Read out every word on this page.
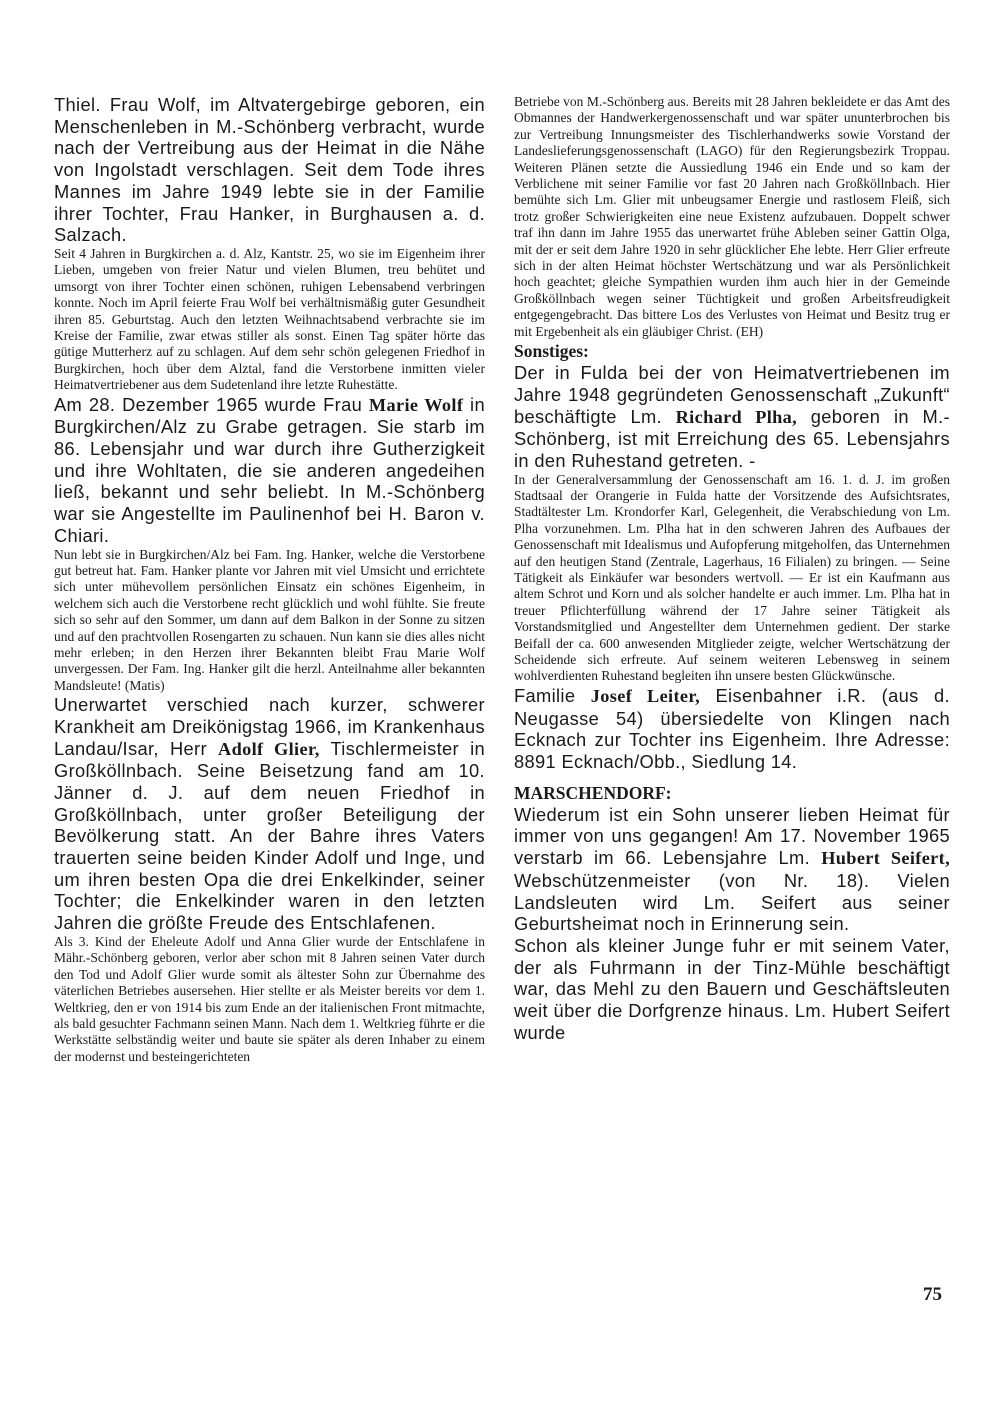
Thiel. Frau Wolf, im Altvatergebirge geboren, ein Menschenleben in M.-Schönberg verbracht, wurde nach der Vertreibung aus der Heimat in die Nähe von Ingolstadt verschlagen. Seit dem Tode ihres Mannes im Jahre 1949 lebte sie in der Familie ihrer Tochter, Frau Hanker, in Burghausen a. d. Salzach.

Seit 4 Jahren in Burgkirchen a. d. Alz, Kantstr. 25, wo sie im Eigenheim ihrer Lieben, umgeben von freier Natur und vielen Blumen, treu behütet und umsorgt von ihrer Tochter einen schönen, ruhigen Lebensabend verbringen konnte. Noch im April feierte Frau Wolf bei verhältnismäßig guter Gesundheit ihren 85. Geburtstag. Auch den letzten Weihnachtsabend verbrachte sie im Kreise der Familie, zwar etwas stiller als sonst. Einen Tag später hörte das gütige Mutterherz auf zu schlagen. Auf dem sehr schön gelegenen Friedhof in Burgkirchen, hoch über dem Alztal, fand die Verstorbene inmitten vieler Heimatvertriebener aus dem Sudetenland ihre letzte Ruhestätte.

Am 28. Dezember 1965 wurde Frau Marie Wolf in Burgkirchen/Alz zu Grabe getragen. Sie starb im 86. Lebensjahr und war durch ihre Gutherzigkeit und ihre Wohltaten, die sie anderen angedeihen ließ, bekannt und sehr beliebt. In M.-Schönberg war sie Angestellte im Paulinenhof bei H. Baron v. Chiari.

Nun lebt sie in Burgkirchen/Alz bei Fam. Ing. Hanker, welche die Verstorbene gut betreut hat. Fam. Hanker plante vor Jahren mit viel Umsicht und errichtete sich unter mühevollem persönlichen Einsatz ein schönes Eigenheim, in welchem sich auch die Verstorbene recht glücklich und wohl fühlte. Sie freute sich so sehr auf den Sommer, um dann auf dem Balkon in der Sonne zu sitzen und auf den prachtvollen Rosengarten zu schauen. Nun kann sie dies alles nicht mehr erleben; in den Herzen ihrer Bekannten bleibt Frau Marie Wolf unvergessen. Der Fam. Ing. Hanker gilt die herzl. Anteilnahme aller bekannten Mandsleute! (Matis)

Unerwartet verschied nach kurzer, schwerer Krankheit am Dreikönigstag 1966, im Krankenhaus Landau/Isar, Herr Adolf Glier, Tischlermeister in Großköllnbach. Seine Beisetzung fand am 10. Jänner d. J. auf dem neuen Friedhof in Großköllnbach, unter großer Beteiligung der Bevölkerung statt. An der Bahre ihres Vaters trauerten seine beiden Kinder Adolf und Inge, und um ihren besten Opa die drei Enkelkinder, seiner Tochter; die Enkelkinder waren in den letzten Jahren die größte Freude des Entschlafenen.

Als 3. Kind der Eheleute Adolf und Anna Glier wurde der Entschlafene in Mähr.-Schönberg geboren, verlor aber schon mit 8 Jahren seinen Vater durch den Tod und Adolf Glier wurde somit als ältester Sohn zur Übernahme des väterlichen Betriebes ausersehen. Hier stellte er als Meister bereits vor dem 1. Weltkrieg, den er von 1914 bis zum Ende an der italienischen Front mitmachte, als bald gesuchter Fachmann seinen Mann. Nach dem 1. Weltkrieg führte er die Werkstätte selbständig weiter und baute sie später als deren Inhaber zu einem der modernst und besteingerichteten

Betriebe von M.-Schönberg aus. Bereits mit 28 Jahren bekleidete er das Amt des Obmannes der Handwerkergenossenschaft und war später ununterbrochen bis zur Vertreibung Innungsmeister des Tischlerhandwerks sowie Vorstand der Landeslieferungsgenossenschaft (LAGO) für den Regierungsbezirk Troppau. Weiteren Plänen setzte die Aussiedlung 1946 ein Ende und so kam der Verblichene mit seiner Familie vor fast 20 Jahren nach Großköllnbach. Hier bemühte sich Lm. Glier mit unbeugsamer Energie und rastlosem Fleiß, sich trotz großer Schwierigkeiten eine neue Existenz aufzubauen. Doppelt schwer traf ihn dann im Jahre 1955 das unerwartet frühe Ableben seiner Gattin Olga, mit der er seit dem Jahre 1920 in sehr glücklicher Ehe lebte. Herr Glier erfreute sich in der alten Heimat höchster Wertschätzung und war als Persönlichkeit hoch geachtet; gleiche Sympathien wurden ihm auch hier in der Gemeinde Großköllnbach wegen seiner Tüchtigkeit und großen Arbeitsfreudigkeit entgegengebracht. Das bittere Los des Verlustes von Heimat und Besitz trug er mit Ergebenheit als ein gläubiger Christ. (EH)

Sonstiges:

Der in Fulda bei der von Heimatvertriebenen im Jahre 1948 gegründeten Genossenschaft „Zukunft“ beschäftigte Lm. Richard Plha, geboren in M.-Schönberg, ist mit Erreichung des 65. Lebensjahrs in den Ruhestand getreten. -

In der Generalversammlung der Genossenschaft am 16. 1. d. J. im großen Stadtsaal der Orangerie in Fulda hatte der Vorsitzende des Aufsichtsrates, Stadtältester Lm. Krondorfer Karl, Gelegenheit, die Verabschiedung von Lm. Plha vorzunehmen. Lm. Plha hat in den schweren Jahren des Aufbaues der Genossenschaft mit Idealismus und Aufopferung mitgeholfen, das Unternehmen auf den heutigen Stand (Zentrale, Lagerhaus, 16 Filialen) zu bringen. — Seine Tätigkeit als Einkäufer war besonders wertvoll. — Er ist ein Kaufmann aus altem Schrot und Korn und als solcher handelte er auch immer. Lm. Plha hat in treuer Pflichterfüllung während der 17 Jahre seiner Tätigkeit als Vorstandsmitglied und Angestellter dem Unternehmen gedient. Der starke Beifall der ca. 600 anwesenden Mitglieder zeigte, welcher Wertschätzung der Scheidende sich erfreute. Auf seinem weiteren Lebensweg in seinem wohlverdienten Ruhestand begleiten ihn unsere besten Glückwünsche.

Familie Josef Leiter, Eisenbahner i.R. (aus d. Neugasse 54) übersiedelte von Klingen nach Ecknach zur Tochter ins Eigenheim. Ihre Adresse: 8891 Ecknach/Obb., Siedlung 14.

MARSCHENDORF:

Wiederum ist ein Sohn unserer lieben Heimat für immer von uns gegangen! Am 17. November 1965 verstarb im 66. Lebensjahre Lm. Hubert Seifert, Webschützenmeister (von Nr. 18). Vielen Landsleuten wird Lm. Seifert aus seiner Geburtsheimat noch in Erinnerung sein.

Schon als kleiner Junge fuhr er mit seinem Vater, der als Fuhrmann in der Tinz-Mühle beschäftigt war, das Mehl zu den Bauern und Geschäftsleuten weit über die Dorfgrenze hinaus. Lm. Hubert Seifert wurde

75
